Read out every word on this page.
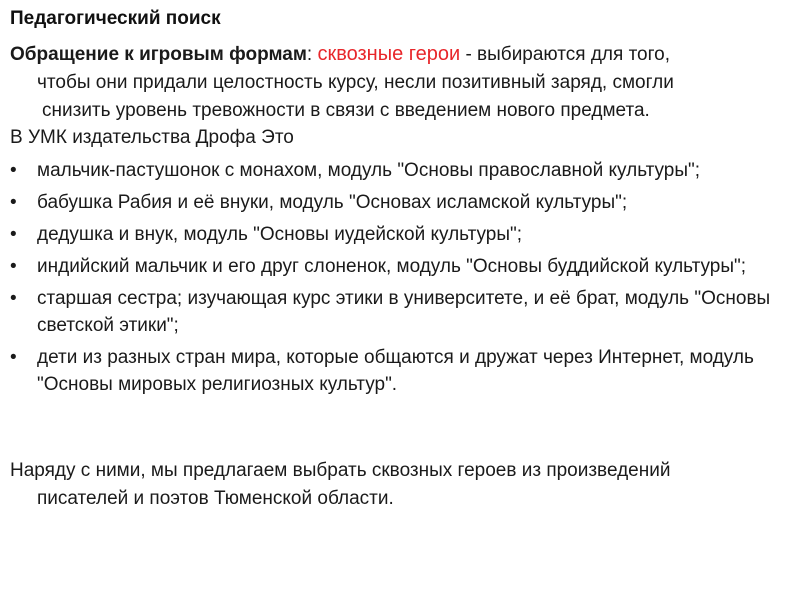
Педагогический поиск
Обращение к игровым формам: сквозные герои - выбираются для того,
чтобы они придали целостность курсу, несли позитивный заряд, смогли
снизить уровень тревожности в связи с введением нового предмета.
В УМК издательства Дрофа Это
• мальчик-пастушонок с монахом, модуль "Основы православной культуры";
• бабушка Рабия и её внуки, модуль "Основах исламской культуры";
• дедушка и внук, модуль "Основы иудейской культуры";
• индийский мальчик и его друг слоненок, модуль "Основы буддийской культуры";
• старшая сестра; изучающая курс этики в университете, и её брат, модуль "Основы светской этики";
• дети из разных стран мира, которые общаются и дружат через Интернет, модуль "Основы мировых религиозных культур".
Наряду с ними, мы предлагаем выбрать сквозных героев из произведений
писателей и поэтов Тюменской области.
